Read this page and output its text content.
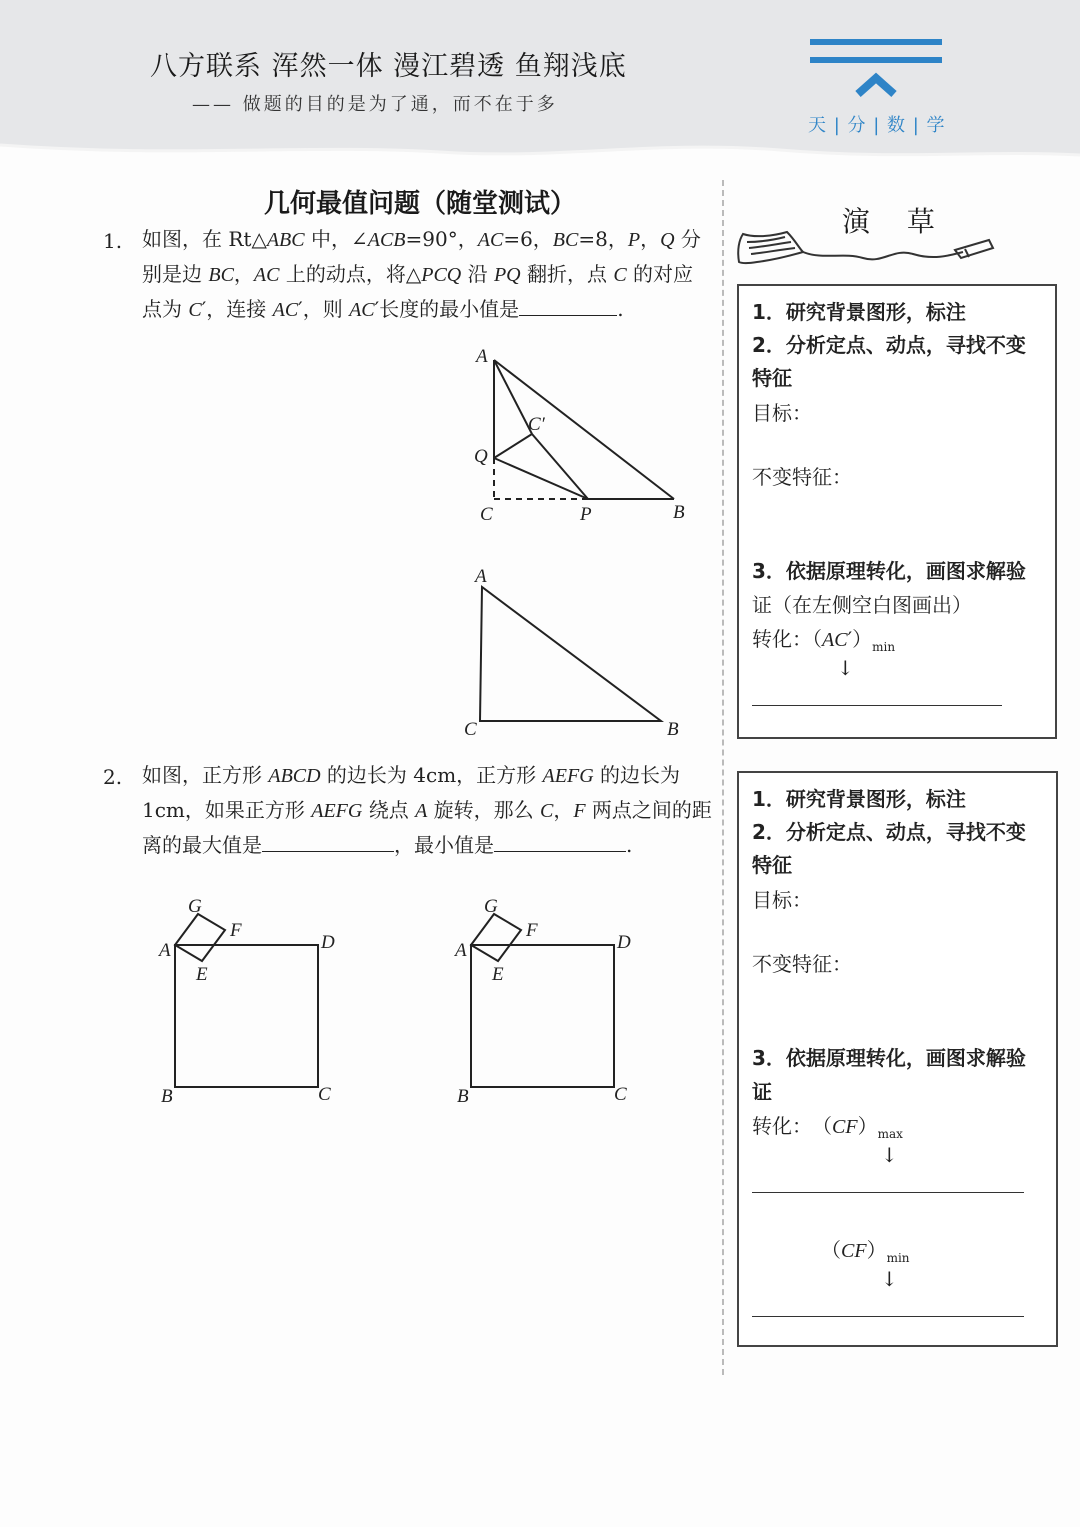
八方联系 浑然一体 漫江碧透 鱼翔浅底
—— 做题的目的是为了通，而不在于多
天 | 分 | 数 | 学
几何最值问题（随堂测试）
1. 如图，在 Rt△ABC 中，∠ACB=90°，AC=6，BC=8，P，Q 分别是边 BC，AC 上的动点，将△PCQ 沿 PQ 翻折，点 C 的对应点为 C′，连接 AC′，则 AC′长度的最小值是	.
A
C′
Q
C	P	B
A
C	B
2. 如图，正方形 ABCD 的边长为 4cm，正方形 AEFG 的边长为 1cm，如果正方形 AEFG 绕点 A 旋转，那么 C，F 两点之间的距离的最大值是	，最小值是	.
G
F
A	D
E
B	C
G
F
A	D
E
B	C
演 草
1．研究背景图形，标注
2．分析定点、动点，寻找不变
特征
目标：
不变特征：
3．依据原理转化，画图求解验
证（在左侧空白图画出）
转化：$(AC')_{min}$
↓
1．研究背景图形，标注
2．分析定点、动点，寻找不变
特征
目标：
不变特征：
3．依据原理转化，画图求解验
证
转化：　$(CF)_{max}$
↓
$(CF)_{min}$
↓
